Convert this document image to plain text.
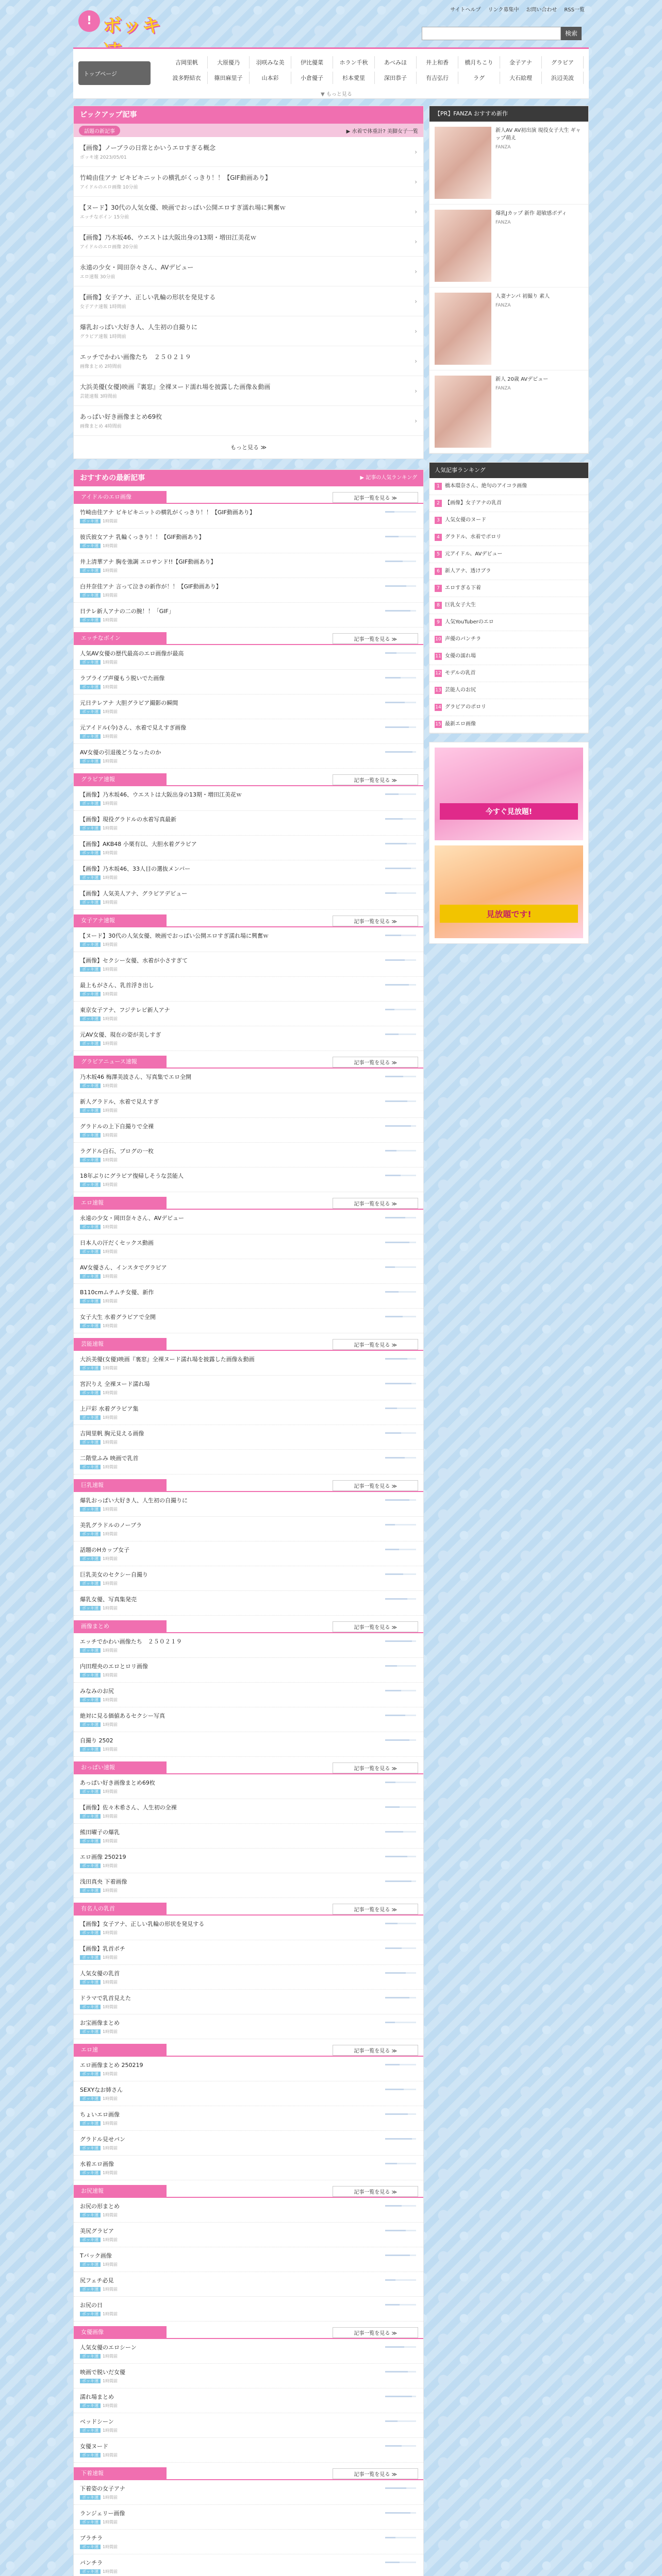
! ボッキ
サイトヘルプ リンク募集中 お問い合わせ RSS一覧
検索
トップページ
吉岡里帆	大原優乃	羽咲みな美	伊比優菜	ホラン千秋	あべみほ	井上和香	橋月ちこり	金子アナ	グラビア
波多野結衣	篠田麻里子	山本彩	小倉優子	杉本愛里	深田恭子	有吉弘行	ラグ	大石絵理	浜辺美波
▼ もっと見る
ピックアップ記事
話題の新記事	▶ 水着で体重計? 美脚女子一覧
【画像】ノーブラの日常とかいうエロすぎる概念
ボッキ速 2023/05/01
›
竹崎由佳アナ ビキビキニットの横乳がくっきり！！【GIF動画あり】
アイドルのエロ画像 10分前
›
【ヌード】30代の人気女優、映画でおっぱい公開エロすぎ濡れ場に興奮ｗ
エッチなボイン 15分前
›
【画像】乃木坂46、ウエストは大阪出身の13期・増田江美花ｗ
アイドルのエロ画像 20分前
›
永遠の少女・岡田奈々さん、AVデビュー
エロ速報 30分前
›
【画像】女子アナ、正しい乳輪の形状を発見する
女子アナ速報 1時間前
›
爆乳おっぱい大好き人、人生初の自撮りに
グラビア速報 1時間前
›
エッチでかわい画像たち　２５０２１９
画像まとめ 2時間前
›
大浜美優(女優)映画『裏窓』全裸ヌード濡れ場を披露した画像＆動画
芸能速報 3時間前
›
あっぱい好き画像まとめ69枚
画像まとめ 4時間前
›
もっと見る ≫
おすすめの最新記事	▶ 記事の人気ランキング
アイドルのエロ画像	記事一覧を見る ≫
竹崎由佳アナ ビキビキニットの横乳がくっきり！！【GIF動画あり】
ボッキ速 1時間前
彼氏彼女アナ 乳輪くっきり！！【GIF動画あり】
ボッキ速 1時間前
井上清華アナ 胸を強調 エロサンド!!【GIF動画あり】
ボッキ速 1時間前
白井奈佳アナ 言って泣きの新作が！！【GIF動画あり】
ボッキ速 1時間前
日テレ新人アナの二の腕！！「GIF」
ボッキ速 1時間前
エッチなボイン	記事一覧を見る ≫
人気AV女優の歴代最高のエロ画像が最高
ボッキ速 1時間前
ラブライブ声優もう脱いでた画像
ボッキ速 1時間前
元日テレアナ 大胆グラビア撮影の瞬間
ボッキ速 1時間前
元アイドル(今)さん、水着で見えすぎ画像
ボッキ速 1時間前
AV女優の引退後どうなったのか
ボッキ速 1時間前
グラビア速報	記事一覧を見る ≫
【画像】乃木坂46、ウエストは大阪出身の13期・増田江美花ｗ
ボッキ速 1時間前
【画像】現役グラドルの水着写真最新
ボッキ速 1時間前
【画像】AKB48 小栗有以、大胆水着グラビア
ボッキ速 1時間前
【画像】乃木坂46、33人目の選抜メンバー
ボッキ速 1時間前
【画像】人気美人アナ、グラビアデビュー
ボッキ速 1時間前
女子アナ速報	記事一覧を見る ≫
【ヌード】30代の人気女優、映画でおっぱい公開エロすぎ濡れ場に興奮ｗ
ボッキ速 1時間前
【画像】セクシー女優、水着が小さすぎて
ボッキ速 1時間前
最上もがさん、乳首浮き出し
ボッキ速 1時間前
東京女子アナ、フジテレビ新人アナ
ボッキ速 1時間前
元AV女優、現在の姿が美しすぎ
ボッキ速 1時間前
グラビアニュース速報	記事一覧を見る ≫
乃木坂46 梅澤美波さん、写真集でエロ全開
ボッキ速 1時間前
新人グラドル、水着で見えすぎ
ボッキ速 1時間前
グラドルの上下自撮りで全裸
ボッキ速 1時間前
ラグドル白石、ブログの一枚
ボッキ速 1時間前
18年ぶりにグラビア復帰しそうな芸能人
ボッキ速 1時間前
エロ速報	記事一覧を見る ≫
永遠の少女・岡田奈々さん、AVデビュー
ボッキ速 1時間前
日本人の汗だくセックス動画
ボッキ速 1時間前
AV女優さん、インスタでグラビア
ボッキ速 1時間前
B110cmムチムチ女優、新作
ボッキ速 1時間前
女子大生 水着グラビアで全開
ボッキ速 1時間前
芸能速報	記事一覧を見る ≫
大浜美優(女優)映画『裏窓』全裸ヌード濡れ場を披露した画像＆動画
ボッキ速 1時間前
宮沢りえ 全裸ヌード濡れ場
ボッキ速 1時間前
上戸彩 水着グラビア集
ボッキ速 1時間前
吉岡里帆 胸元見える画像
ボッキ速 1時間前
二階堂ふみ 映画で乳首
ボッキ速 1時間前
巨乳速報	記事一覧を見る ≫
爆乳おっぱい大好き人、人生初の自撮りに
ボッキ速 1時間前
美乳グラドルのノーブラ
ボッキ速 1時間前
話題のHカップ女子
ボッキ速 1時間前
巨乳美女のセクシー自撮り
ボッキ速 1時間前
爆乳女優、写真集発売
ボッキ速 1時間前
画像まとめ	記事一覧を見る ≫
エッチでかわい画像たち　２５０２１９
ボッキ速 1時間前
内田理央のエロとロリ画像
ボッキ速 1時間前
みなみのお尻
ボッキ速 1時間前
絶対に見る価値あるセクシー写真
ボッキ速 1時間前
自撮り 2502
ボッキ速 1時間前
おっぱい速報	記事一覧を見る ≫
あっぱい好き画像まとめ69枚
ボッキ速 1時間前
【画像】佐々木希さん、人生初の全裸
ボッキ速 1時間前
熊田曜子の爆乳
ボッキ速 1時間前
エロ画像 250219
ボッキ速 1時間前
浅田真央 下着画像
ボッキ速 1時間前
有名人の乳首	記事一覧を見る ≫
【画像】女子アナ、正しい乳輪の形状を発見する
ボッキ速 1時間前
【画像】乳首ポチ
ボッキ速 1時間前
人気女優の乳首
ボッキ速 1時間前
ドラマで乳首見えた
ボッキ速 1時間前
お宝画像まとめ
ボッキ速 1時間前
エロ速	記事一覧を見る ≫
エロ画像まとめ 250219
ボッキ速 1時間前
SEXYなお姉さん
ボッキ速 1時間前
ちょいエロ画像
ボッキ速 1時間前
グラドル見せパン
ボッキ速 1時間前
水着エロ画像
ボッキ速 1時間前
お尻速報	記事一覧を見る ≫
お尻の形まとめ
ボッキ速 1時間前
美尻グラビア
ボッキ速 1時間前
Tバック画像
ボッキ速 1時間前
尻フェチ必見
ボッキ速 1時間前
お尻の日
ボッキ速 1時間前
女優画像	記事一覧を見る ≫
人気女優のエロシーン
ボッキ速 1時間前
映画で脱いだ女優
ボッキ速 1時間前
濡れ場まとめ
ボッキ速 1時間前
ベッドシーン
ボッキ速 1時間前
女優ヌード
ボッキ速 1時間前
下着速報	記事一覧を見る ≫
下着姿の女子アナ
ボッキ速 1時間前
ランジェリー画像
ボッキ速 1時間前
ブラチラ
ボッキ速 1時間前
パンチラ
ボッキ速 1時間前
【PR】FANZA おすすめ新作
新人AV AV初出演 現役女子大生 ギャップ萌え
FANZA
爆乳Jカップ 新作 超敏感ボディ
FANZA
人妻ナンパ 初撮り 素人
FANZA
新人 20歳 AVデビュー
FANZA
人気記事ランキング
1	橋本環奈さん、絶句のアイコラ画像
2	【画像】女子アナの乳首
3	人気女優のヌード
4	グラドル、水着でポロリ
5	元アイドル、AVデビュー
6	新人アナ、透けブラ
7	エロすぎる下着
8	巨乳女子大生
9	人気YouTuberのエロ
10 声優のパンチラ
11 女優の濡れ場
12 モデルの乳首
13 芸能人のお尻
14 グラビアのポロリ
15 最新エロ画像
今すぐ見放題!
見放題です!
